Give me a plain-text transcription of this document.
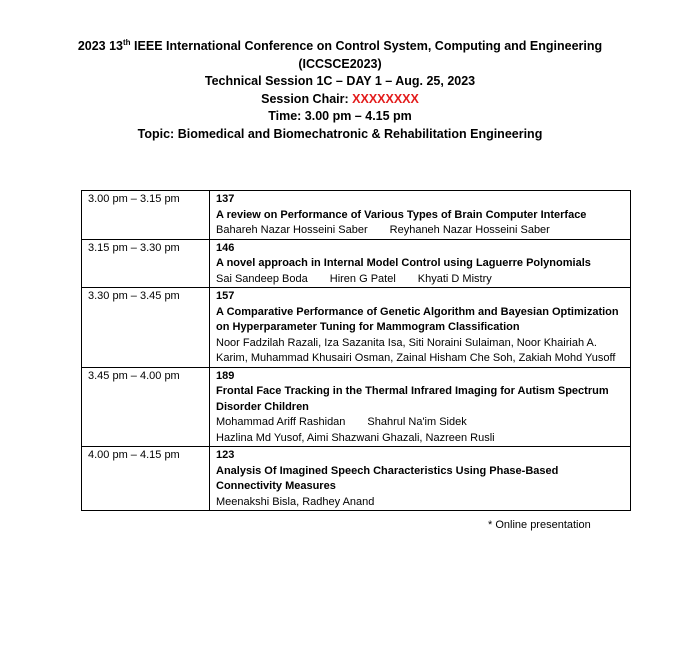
2023 13th IEEE International Conference on Control System, Computing and Engineering
(ICCSCE2023)
Technical Session 1C – DAY 1 – Aug. 25, 2023
Session Chair: XXXXXXXX
Time: 3.00 pm – 4.15 pm
Topic: Biomedical and Biomechatronic & Rehabilitation Engineering
3.00 pm – 3.15 pm	137
A review on Performance of Various Types of Brain Computer Interface
Bahareh Nazar Hosseini Saber Reyhaneh Nazar Hosseini Saber

3.15 pm – 3.30 pm	146
A novel approach in Internal Model Control using Laguerre Polynomials
Sai Sandeep Boda Hiren G Patel Khyati D Mistry

3.30 pm – 3.45 pm	157
A Comparative Performance of Genetic Algorithm and Bayesian Optimization on Hyperparameter Tuning for Mammogram Classification
Noor Fadzilah Razali, Iza Sazanita Isa, Siti Noraini Sulaiman, Noor Khairiah A. Karim, Muhammad Khusairi Osman, Zainal Hisham Che Soh, Zakiah Mohd Yusoff

3.45 pm – 4.00 pm	189
Frontal Face Tracking in the Thermal Infrared Imaging for Autism Spectrum Disorder Children
Mohammad Ariff Rashidan Shahrul Na'im SidekHazlina Md Yusof, Aimi Shazwani Ghazali, Nazreen Rusli

4.00 pm – 4.15 pm	123
Analysis Of Imagined Speech Characteristics Using Phase-Based Connectivity Measures
Meenakshi Bisla, Radhey Anand
* Online presentation
